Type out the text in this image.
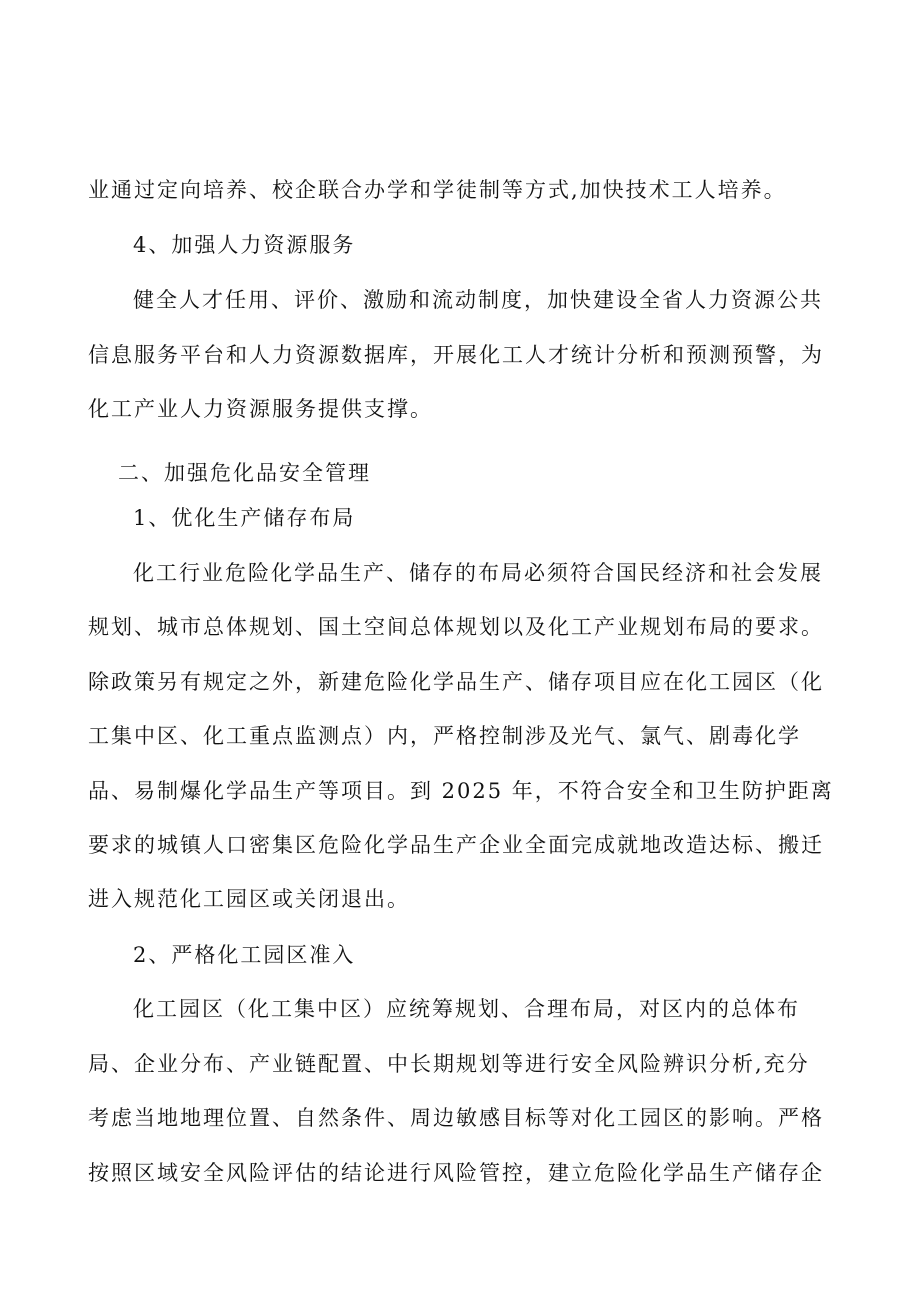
业通过定向培养、校企联合办学和学徒制等方式,加快技术工人培养。
4、加强人力资源服务
健全人才任用、评价、激励和流动制度，加快建设全省人力资源公共
信息服务平台和人力资源数据库，开展化工人才统计分析和预测预警，为
化工产业人力资源服务提供支撑。
二、加强危化品安全管理
1、优化生产储存布局
化工行业危险化学品生产、储存的布局必须符合国民经济和社会发展
规划、城市总体规划、国土空间总体规划以及化工产业规划布局的要求。
除政策另有规定之外，新建危险化学品生产、储存项目应在化工园区（化
工集中区、化工重点监测点）内，严格控制涉及光气、氯气、剧毒化学
品、易制爆化学品生产等项目。到 2025 年，不符合安全和卫生防护距离
要求的城镇人口密集区危险化学品生产企业全面完成就地改造达标、搬迁
进入规范化工园区或关闭退出。
2、严格化工园区准入
化工园区（化工集中区）应统筹规划、合理布局，对区内的总体布
局、企业分布、产业链配置、中长期规划等进行安全风险辨识分析,充分
考虑当地地理位置、自然条件、周边敏感目标等对化工园区的影响。严格
按照区域安全风险评估的结论进行风险管控，建立危险化学品生产储存企
